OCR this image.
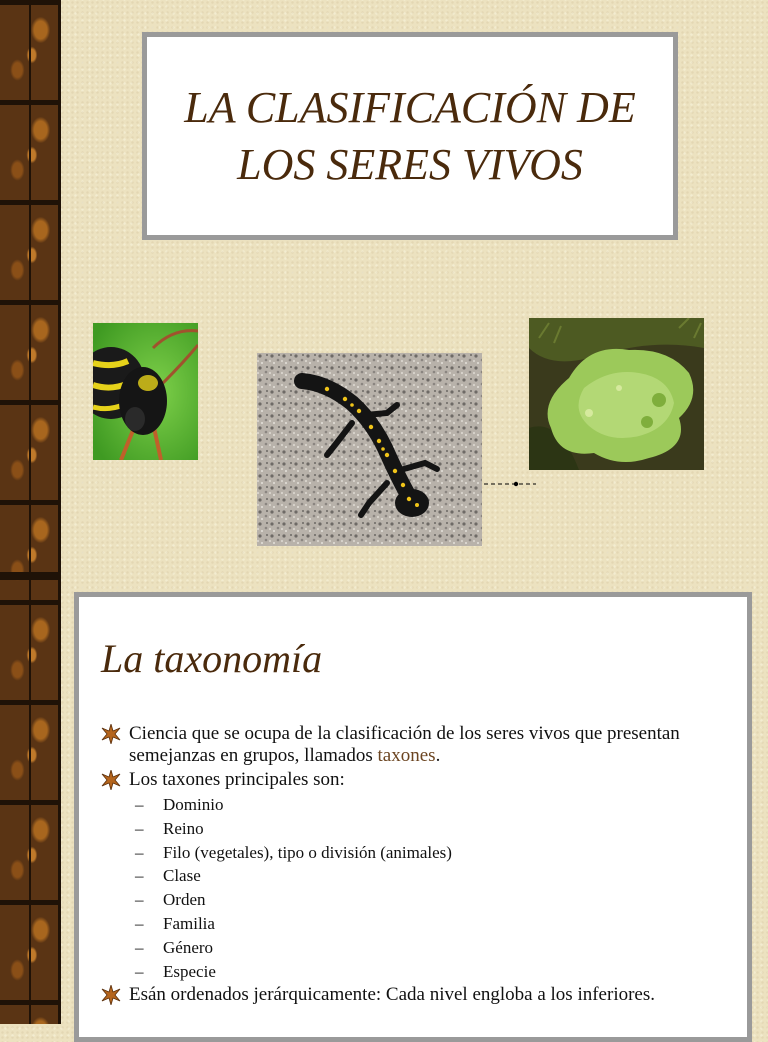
LA CLASIFICACIÓN DE
LOS SERES VIVOS
La taxonomía
Ciencia que se ocupa de la clasificación de los seres vivos que presentan semejanzas en grupos, llamados taxones.
Los taxones principales son:
–	Dominio
–	Reino
–	Filo (vegetales), tipo o división (animales)
–	Clase
–	Orden
–	Familia
–	Género
–	Especie
Esán ordenados jerárquicamente: Cada nivel engloba a los inferiores.
